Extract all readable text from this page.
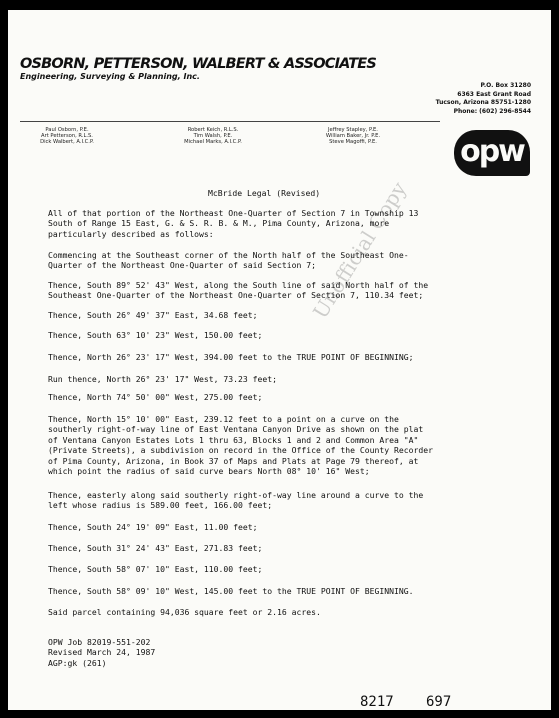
OSBORN, PETTERSON, WALBERT & ASSOCIATES
Engineering, Surveying & Planning, Inc.
P.O. Box 31280
6363 East Grant Road
Tucson, Arizona 85751-1280
Phone: (602) 296-8544
Paul Osborn, P.E.
Art Petterson, R.L.S.
Dick Walbert, A.I.C.P.
Robert Keich, R.L.S.
Tim Walsh, P.E.
Michael Marks, A.I.C.P.
Jeffrey Stapley, P.E.
William Baker, Jr. P.E.
Steve Magoffi, P.E.	opw
Unofficial Copy
McBride Legal (Revised)
All of that portion of the Northeast One-Quarter of Section 7 in Township 13
South of Range 15 East, G. & S. R. B. & M., Pima County, Arizona, more
particularly described as follows:
Commencing at the Southeast corner of the North half of the Southeast One-
Quarter of the Northeast One-Quarter of said Section 7;
Thence, South 89° 52' 43" West, along the South line of said North half of the
Southeast One-Quarter of the Northeast One-Quarter of Section 7, 110.34 feet;
Thence, South 26° 49' 37" East, 34.68 feet;
Thence, South 63° 10' 23" West, 150.00 feet;
Thence, North 26° 23' 17" West, 394.00 feet to the TRUE POINT OF BEGINNING;
Run thence, North 26° 23' 17" West, 73.23 feet;
Thence, North 74° 50' 00" West, 275.00 feet;
Thence, North 15° 10' 00" East, 239.12 feet to a point on a curve on the
southerly right-of-way line of East Ventana Canyon Drive as shown on the plat
of Ventana Canyon Estates Lots 1 thru 63, Blocks 1 and 2 and Common Area "A"
(Private Streets), a subdivision on record in the Office of the County Recorder
of Pima County, Arizona, in Book 37 of Maps and Plats at Page 79 thereof, at
which point the radius of said curve bears North 08° 10' 16" West;
Thence, easterly along said southerly right-of-way line around a curve to the
left whose radius is 589.00 feet, 166.00 feet;
Thence, South 24° 19' 09" East, 11.00 feet;
Thence, South 31° 24' 43" East, 271.83 feet;
Thence, South 58° 07' 10" East, 110.00 feet;
Thence, South 58° 09' 10" West, 145.00 feet to the TRUE POINT OF BEGINNING.
Said parcel containing 94,036 square feet or 2.16 acres.
OPW Job 82019-551-202
Revised March 24, 1987
AGP:gk (261)
8217 697
